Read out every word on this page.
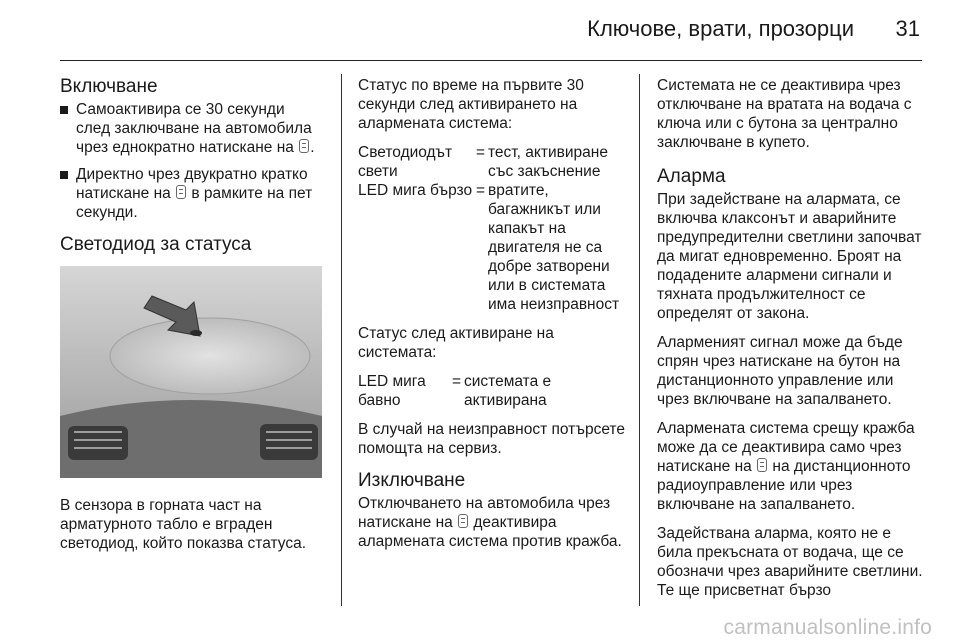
Ключове, врати, прозорци 31
Включване
Самоактивира се 30 секунди след заключване на автомобила чрез еднократно натискане на .
Директно чрез двукратно кратко натискане на в рамките на пет секунди.
Светодиод за статуса

В сензора в горната част на арматурното табло е вграден светодиод, който показва статуса.

Статус по време на първите 30 секунди след активирането на алармената система:

Светодиодът свети	=	тест, активиране със закъснение
LED мига бързо	=	вратите, багажникът или капакът на двигателя не са добре затворени или в системата има неизправност

Статус след активиране на системата:

LED мига бавно	=	системата е активирана

В случай на неизправност потърсете помощта на сервиз.

Изключване

Отключването на автомобила чрез натискане на деактивира алармената система против кражба.

Системата не се деактивира чрез отключване на вратата на водача с ключа или с бутона за централно заключване в купето.

Аларма

При задействане на алармата, се включва клаксонът и аварийните предупредителни светлини започват да мигат едновременно. Броят на подадените алармени сигнали и тяхната продължителност се определят от закона.

Алармeният сигнал може да бъде спрян чрез натискане на бутон на дистанционното управление или чрез включване на запалването.

Алармената система срещу кражба може да се деактивира само чрез натискане на на дистанционното радиоуправление или чрез включване на запалването.

Задействана аларма, която не е била прекъсната от водача, ще се обозначи чрез аварийните светлини. Те ще присветнат бързо

carmanualsonline.info
